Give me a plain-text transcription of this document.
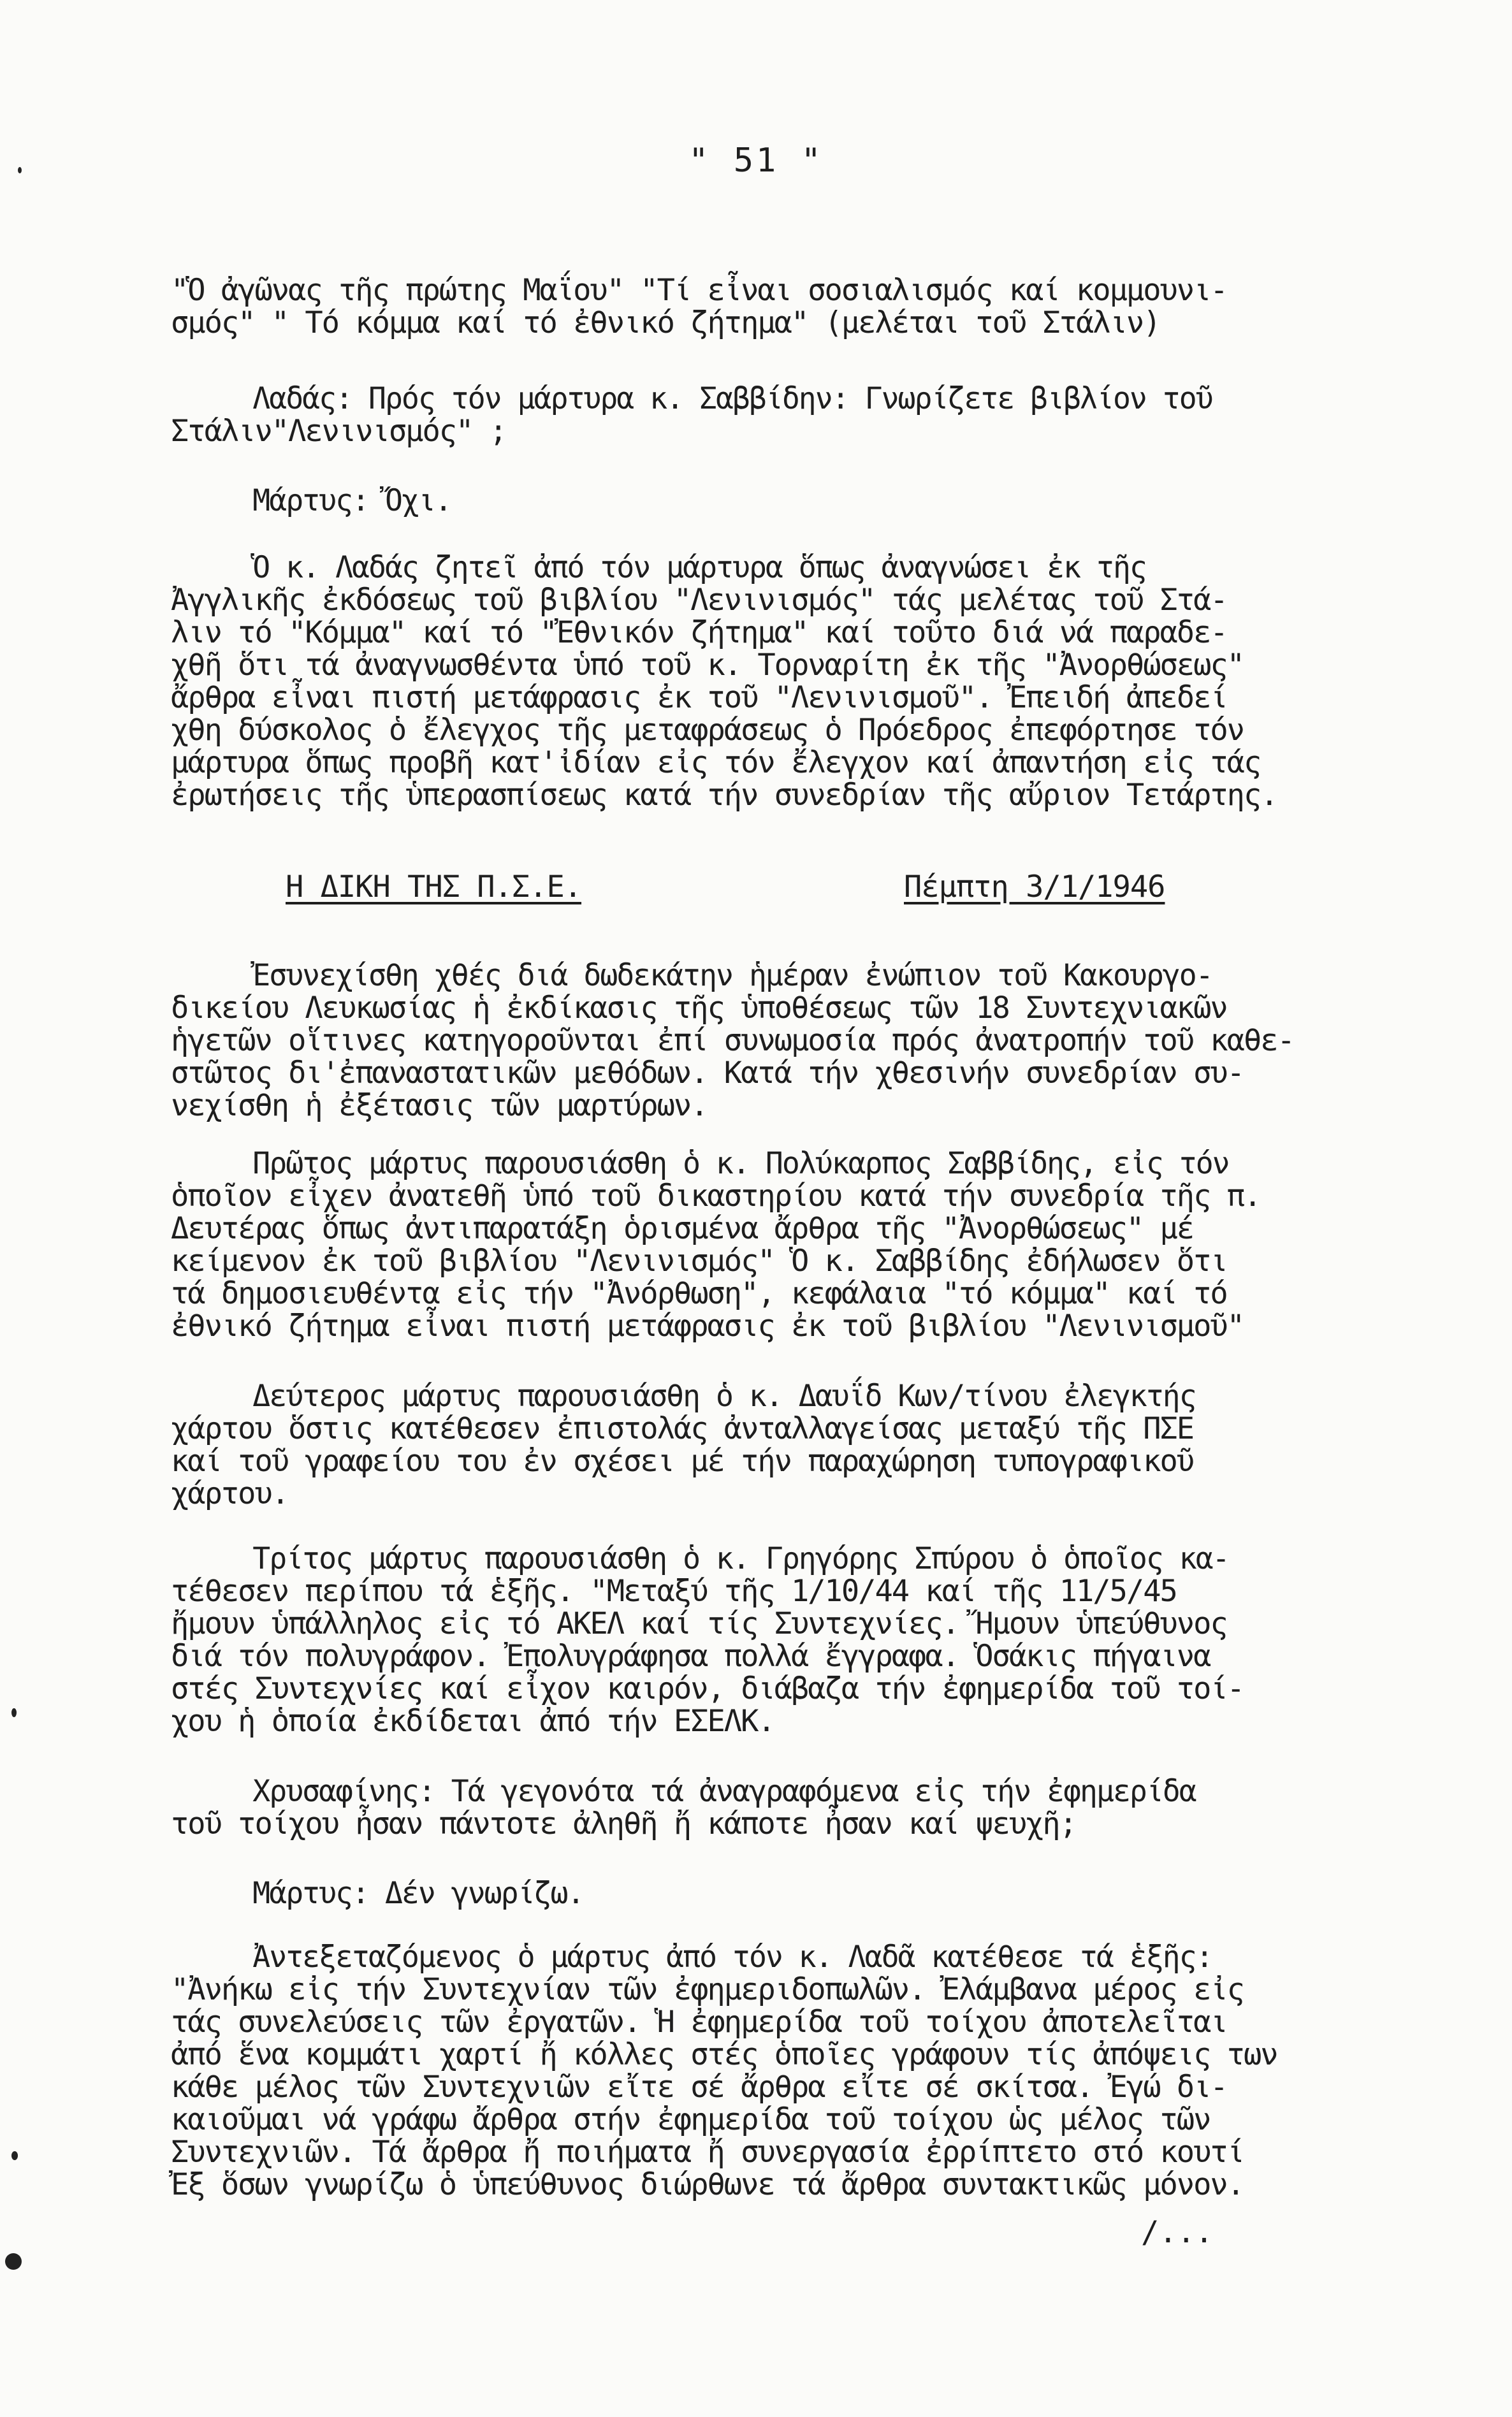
" 51 "
"Ὁ ἀγῶνας τῆς πρώτης Μαΐου" "Τί εἶναι σοσιαλισμός καί κομμουνι-
σμός" " Τό κόμμα καί τό ἐθνικό ζήτημα" (μελέται τοῦ Στάλιν)
Λαδάς: Πρός τόν μάρτυρα κ. Σαββίδην: Γνωρίζετε βιβλίον τοῦ
Στάλιν"Λενινισμός" ;
Μάρτυς: Ὄχι.
Ὁ κ. Λαδάς ζητεῖ ἀπό τόν μάρτυρα ὅπως ἀναγνώσει ἐκ τῆς
Ἀγγλικῆς ἐκδόσεως τοῦ βιβλίου "Λενινισμός" τάς μελέτας τοῦ Στά-
λιν τό "Κόμμα" καί τό "Ἐθνικόν ζήτημα" καί τοῦτο διά νά παραδε-
χθῆ ὅτι τά ἀναγνωσθέντα ὑπό τοῦ κ. Τορναρίτη ἐκ τῆς "Ἀνορθώσεως"
ἄρθρα εἶναι πιστή μετάφρασις ἐκ τοῦ "Λενινισμοῦ". Ἐπειδή ἀπεδεί
χθη δύσκολος ὁ ἔλεγχος τῆς μεταφράσεως ὁ Πρόεδρος ἐπεφόρτησε τόν
μάρτυρα ὅπως προβῆ κατ'ἰδίαν εἰς τόν ἔλεγχον καί ἀπαντήση εἰς τάς
ἐρωτήσεις τῆς ὑπερασπίσεως κατά τήν συνεδρίαν τῆς αὔριον Τετάρτης.
Ἐσυνεχίσθη χθές διά δωδεκάτην ἡμέραν ἐνώπιον τοῦ Κακουργο-
δικείου Λευκωσίας ἡ ἐκδίκασις τῆς ὑποθέσεως τῶν 18 Συντεχνιακῶν
ἡγετῶν οἵτινες κατηγοροῦνται ἐπί συνωμοσία πρός ἀνατροπήν τοῦ καθε-
στῶτος δι'ἐπαναστατικῶν μεθόδων. Κατά τήν χθεσινήν συνεδρίαν συ-
νεχίσθη ἡ ἐξέτασις τῶν μαρτύρων.
Πρῶτος μάρτυς παρουσιάσθη ὁ κ. Πολύκαρπος Σαββίδης, εἰς τόν
ὁποῖον εἶχεν ἀνατεθῆ ὑπό τοῦ δικαστηρίου κατά τήν συνεδρία τῆς π.
Δευτέρας ὅπως ἀντιπαρατάξη ὁρισμένα ἄρθρα τῆς "Ἀνορθώσεως" μέ
κείμενον ἐκ τοῦ βιβλίου "Λενινισμός" Ὁ κ. Σαββίδης ἐδήλωσεν ὅτι
τά δημοσιευθέντα εἰς τήν "Ἀνόρθωση", κεφάλαια "τό κόμμα" καί τό
ἐθνικό ζήτημα εἶναι πιστή μετάφρασις ἐκ τοῦ βιβλίου "Λενινισμοῦ"
Δεύτερος μάρτυς παρουσιάσθη ὁ κ. Δαυΐδ Κων/τίνου ἐλεγκτής
χάρτου ὅστις κατέθεσεν ἐπιστολάς ἀνταλλαγείσας μεταξύ τῆς ΠΣΕ
καί τοῦ γραφείου του ἐν σχέσει μέ τήν παραχώρηση τυπογραφικοῦ
χάρτου.
Τρίτος μάρτυς παρουσιάσθη ὁ κ. Γρηγόρης Σπύρου ὁ ὁποῖος κα-
τέθεσεν περίπου τά ἑξῆς. "Μεταξύ τῆς 1/10/44 καί τῆς 11/5/45
ἤμουν ὑπάλληλος εἰς τό ΑΚΕΛ καί τίς Συντεχνίες. Ἤμουν ὑπεύθυνος
διά τόν πολυγράφον. Ἐπολυγράφησα πολλά ἔγγραφα. Ὁσάκις πήγαινα
στές Συντεχνίες καί εἶχον καιρόν, διάβαζα τήν ἐφημερίδα τοῦ τοί-
χου ἡ ὁποία ἐκδίδεται ἀπό τήν ΕΣΕΛΚ.
Χρυσαφίνης: Τά γεγονότα τά ἀναγραφόμενα εἰς τήν ἐφημερίδα
τοῦ τοίχου ἦσαν πάντοτε ἀληθῆ ἤ κάποτε ἦσαν καί ψευχῆ;
Μάρτυς: Δέν γνωρίζω.
Ἀντεξεταζόμενος ὁ μάρτυς ἀπό τόν κ. Λαδᾶ κατέθεσε τά ἑξῆς:
"Ἀνήκω εἰς τήν Συντεχνίαν τῶν ἐφημεριδοπωλῶν. Ἐλάμβανα μέρος εἰς
τάς συνελεύσεις τῶν ἐργατῶν. Ἡ ἐφημερίδα τοῦ τοίχου ἀποτελεῖται
ἀπό ἕνα κομμάτι χαρτί ἤ κόλλες στές ὁποῖες γράφουν τίς ἀπόψεις των
κάθε μέλος τῶν Συντεχνιῶν εἴτε σέ ἄρθρα εἴτε σέ σκίτσα. Ἐγώ δι-
καιοῦμαι νά γράφω ἄρθρα στήν ἐφημερίδα τοῦ τοίχου ὡς μέλος τῶν
Συντεχνιῶν. Τά ἄρθρα ἤ ποιήματα ἤ συνεργασία ἐρρίπτετο στό κουτί
Ἐξ ὅσων γνωρίζω ὁ ὑπεύθυνος διώρθωνε τά ἄρθρα συντακτικῶς μόνον.
Η ΔΙΚΗ ΤΗΣ Π.Σ.Ε.	Πέμπτη 3/1/1946
/...
